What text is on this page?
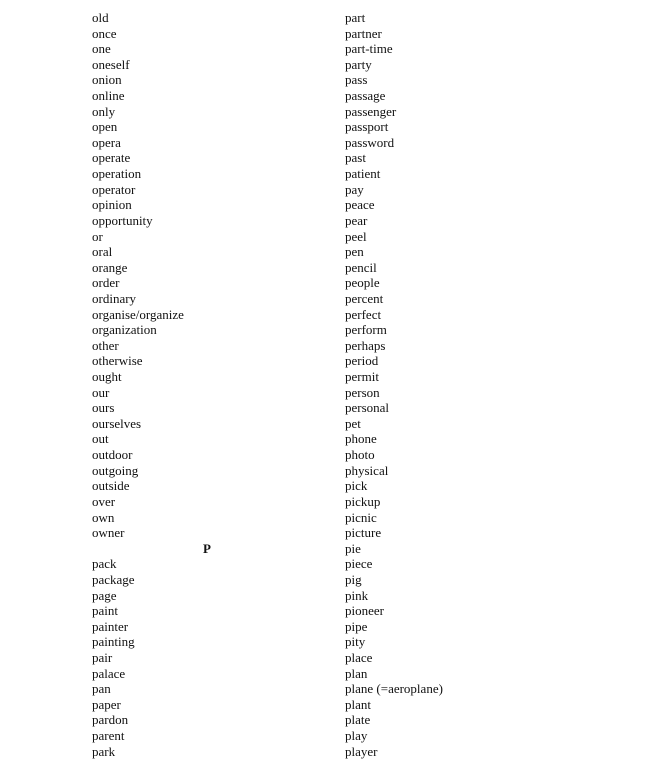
old
once
one
oneself
onion
online
only
open
opera
operate
operation
operator
opinion
opportunity
or
oral
orange
order
ordinary
organise/organize
organization
other
otherwise
ought
our
ours
ourselves
out
outdoor
outgoing
outside
over
own
owner
P
pack
package
page
paint
painter
painting
pair
palace
pan
paper
pardon
parent
park
part
partner
part-time
party
pass
passage
passenger
passport
password
past
patient
pay
peace
pear
peel
pen
pencil
people
percent
perfect
perform
perhaps
period
permit
person
personal
pet
phone
photo
physical
pick
pickup
picnic
picture
pie
piece
pig
pink
pioneer
pipe
pity
place
plan
plane (=aeroplane)
plant
plate
play
player
